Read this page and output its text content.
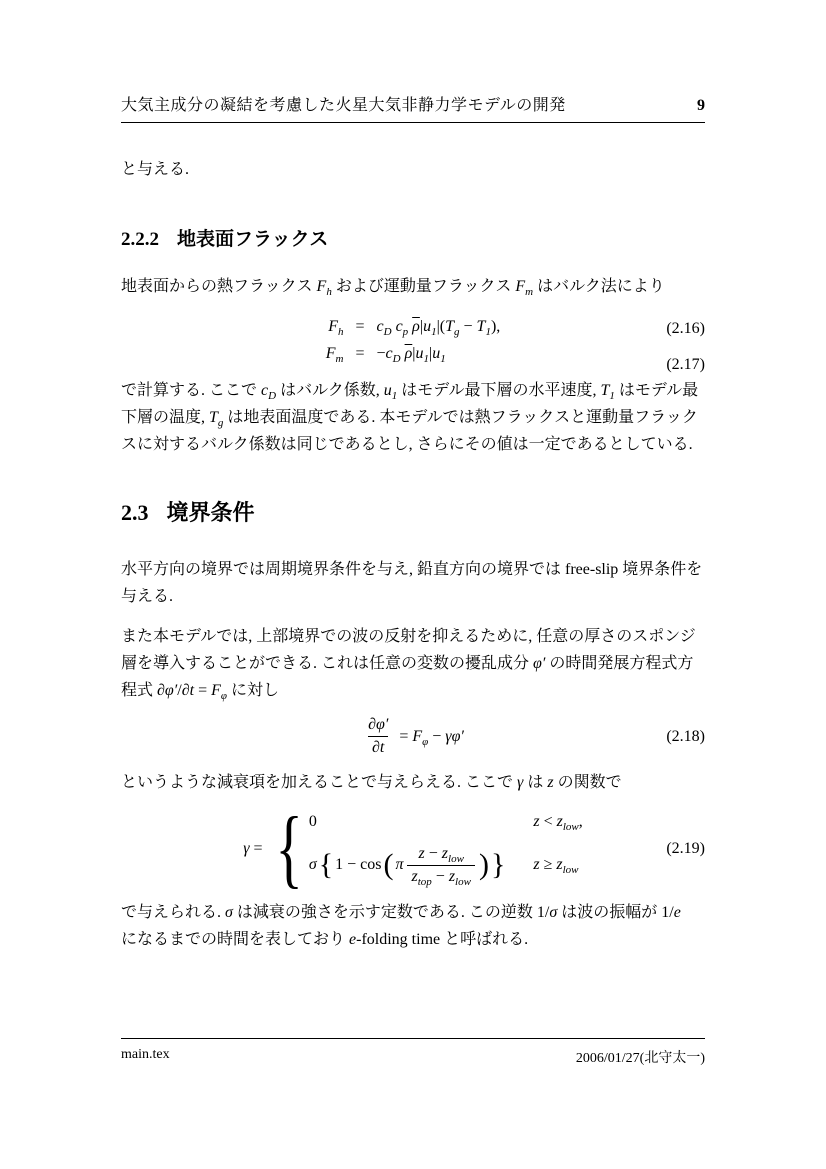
大気主成分の凝結を考慮した火星大気非静力学モデルの開発	9

と与える.

2.2.2 地表面フラックス

地表面からの熱フラックス $F_h$ および運動量フラックス $F_m$ はバルク法により

$F_h = c_D$ $c_p$ $\overline{\rho}|u_1|(T_g - T_1)$,
$F_m = -c_D$ $\overline{\rho}|u_1|u_1$
(2.16)
(2.17)

で計算する. ここで $c_D$ はバルク係数, $u_1$ はモデル最下層の水平速度, $T_1$ はモデル最

下層の温度, $T_g$ は地表面温度である. 本モデルでは熱フラックスと運動量フラック

スに対するバルク係数は同じであるとし, さらにその値は一定であるとしている.

2.3 境界条件

水平方向の境界では周期境界条件を与え, 鉛直方向の境界では free-slip 境界条件を

与える.

また本モデルでは, 上部境界での波の反射を抑えるために, 任意の厚さのスポンジ

層を導入することができる. これは任意の変数の擾乱成分 φ′ の時間発展方程式方

程式 $\partial\varphi'/\partial t = F_\varphi$ に対し

$\frac{\partial\varphi'}{\partial t} = F_\varphi - \gamma\varphi'$	(2.18)

というような減衰項を加えることで与えらえる. ここで γ は z の関数で

γ = { 0	$z < z_{low}$,
σ { 1 − cos ( π $\frac{z - z_{low}}{z_{top} - z_{low}}$ ) } $z \ge z_{low}$
(2.19)

で与えられる. σ は減衰の強さを示す定数である. この逆数 1/σ は波の振幅が 1/e

になるまでの時間を表しており e-folding time と呼ばれる.

main.tex	2006/01/27(北守太一)
